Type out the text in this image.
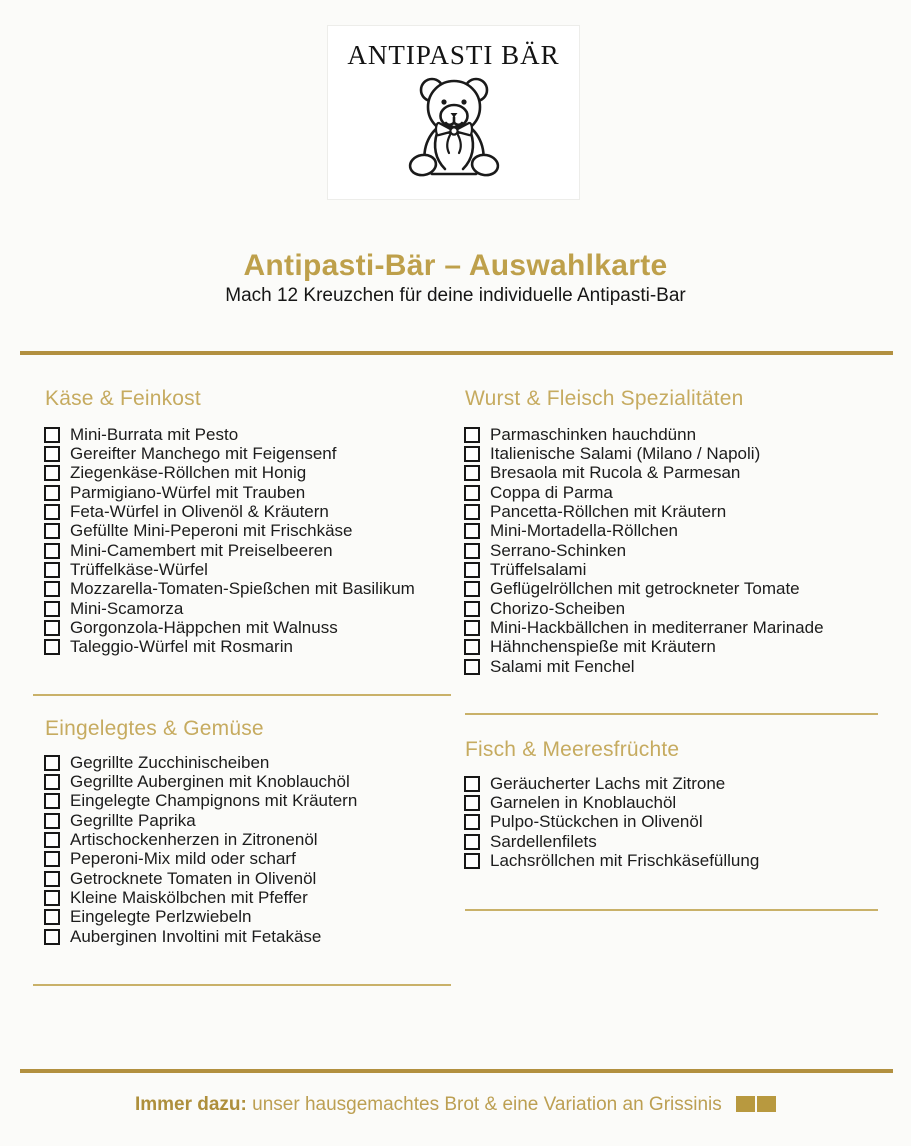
ANTIPASTI BÄR
Antipasti-Bär – Auswahlkarte
Mach 12 Kreuzchen für deine individuelle Antipasti-Bar
Käse & Feinkost
Mini-Burrata mit Pesto
Gereifter Manchego mit Feigensenf
Ziegenkäse-Röllchen mit Honig
Parmigiano-Würfel mit Trauben
Feta-Würfel in Olivenöl & Kräutern
Gefüllte Mini-Peperoni mit Frischkäse
Mini-Camembert mit Preiselbeeren
Trüffelkäse-Würfel
Mozzarella-Tomaten-Spießchen mit Basilikum
Mini-Scamorza
Gorgonzola-Häppchen mit Walnuss
Taleggio-Würfel mit Rosmarin
Wurst & Fleisch Spezialitäten
Parmaschinken hauchdünn
Italienische Salami (Milano / Napoli)
Bresaola mit Rucola & Parmesan
Coppa di Parma
Pancetta-Röllchen mit Kräutern
Mini-Mortadella-Röllchen
Serrano-Schinken
Trüffelsalami
Geflügelröllchen mit getrockneter Tomate
Chorizo-Scheiben
Mini-Hackbällchen in mediterraner Marinade
Hähnchenspieße mit Kräutern
Salami mit Fenchel
Eingelegtes & Gemüse
Gegrillte Zucchinischeiben
Gegrillte Auberginen mit Knoblauchöl
Eingelegte Champignons mit Kräutern
Gegrillte Paprika
Artischockenherzen in Zitronenöl
Peperoni-Mix mild oder scharf
Getrocknete Tomaten in Olivenöl
Kleine Maiskölbchen mit Pfeffer
Eingelegte Perlzwiebeln
Auberginen Involtini mit Fetakäse
Fisch & Meeresfrüchte
Geräucherter Lachs mit Zitrone
Garnelen in Knoblauchöl
Pulpo-Stückchen in Olivenöl
Sardellenfilets
Lachsröllchen mit Frischkäsefüllung
Immer dazu: unser hausgemachtes Brot & eine Variation an Grissinis
